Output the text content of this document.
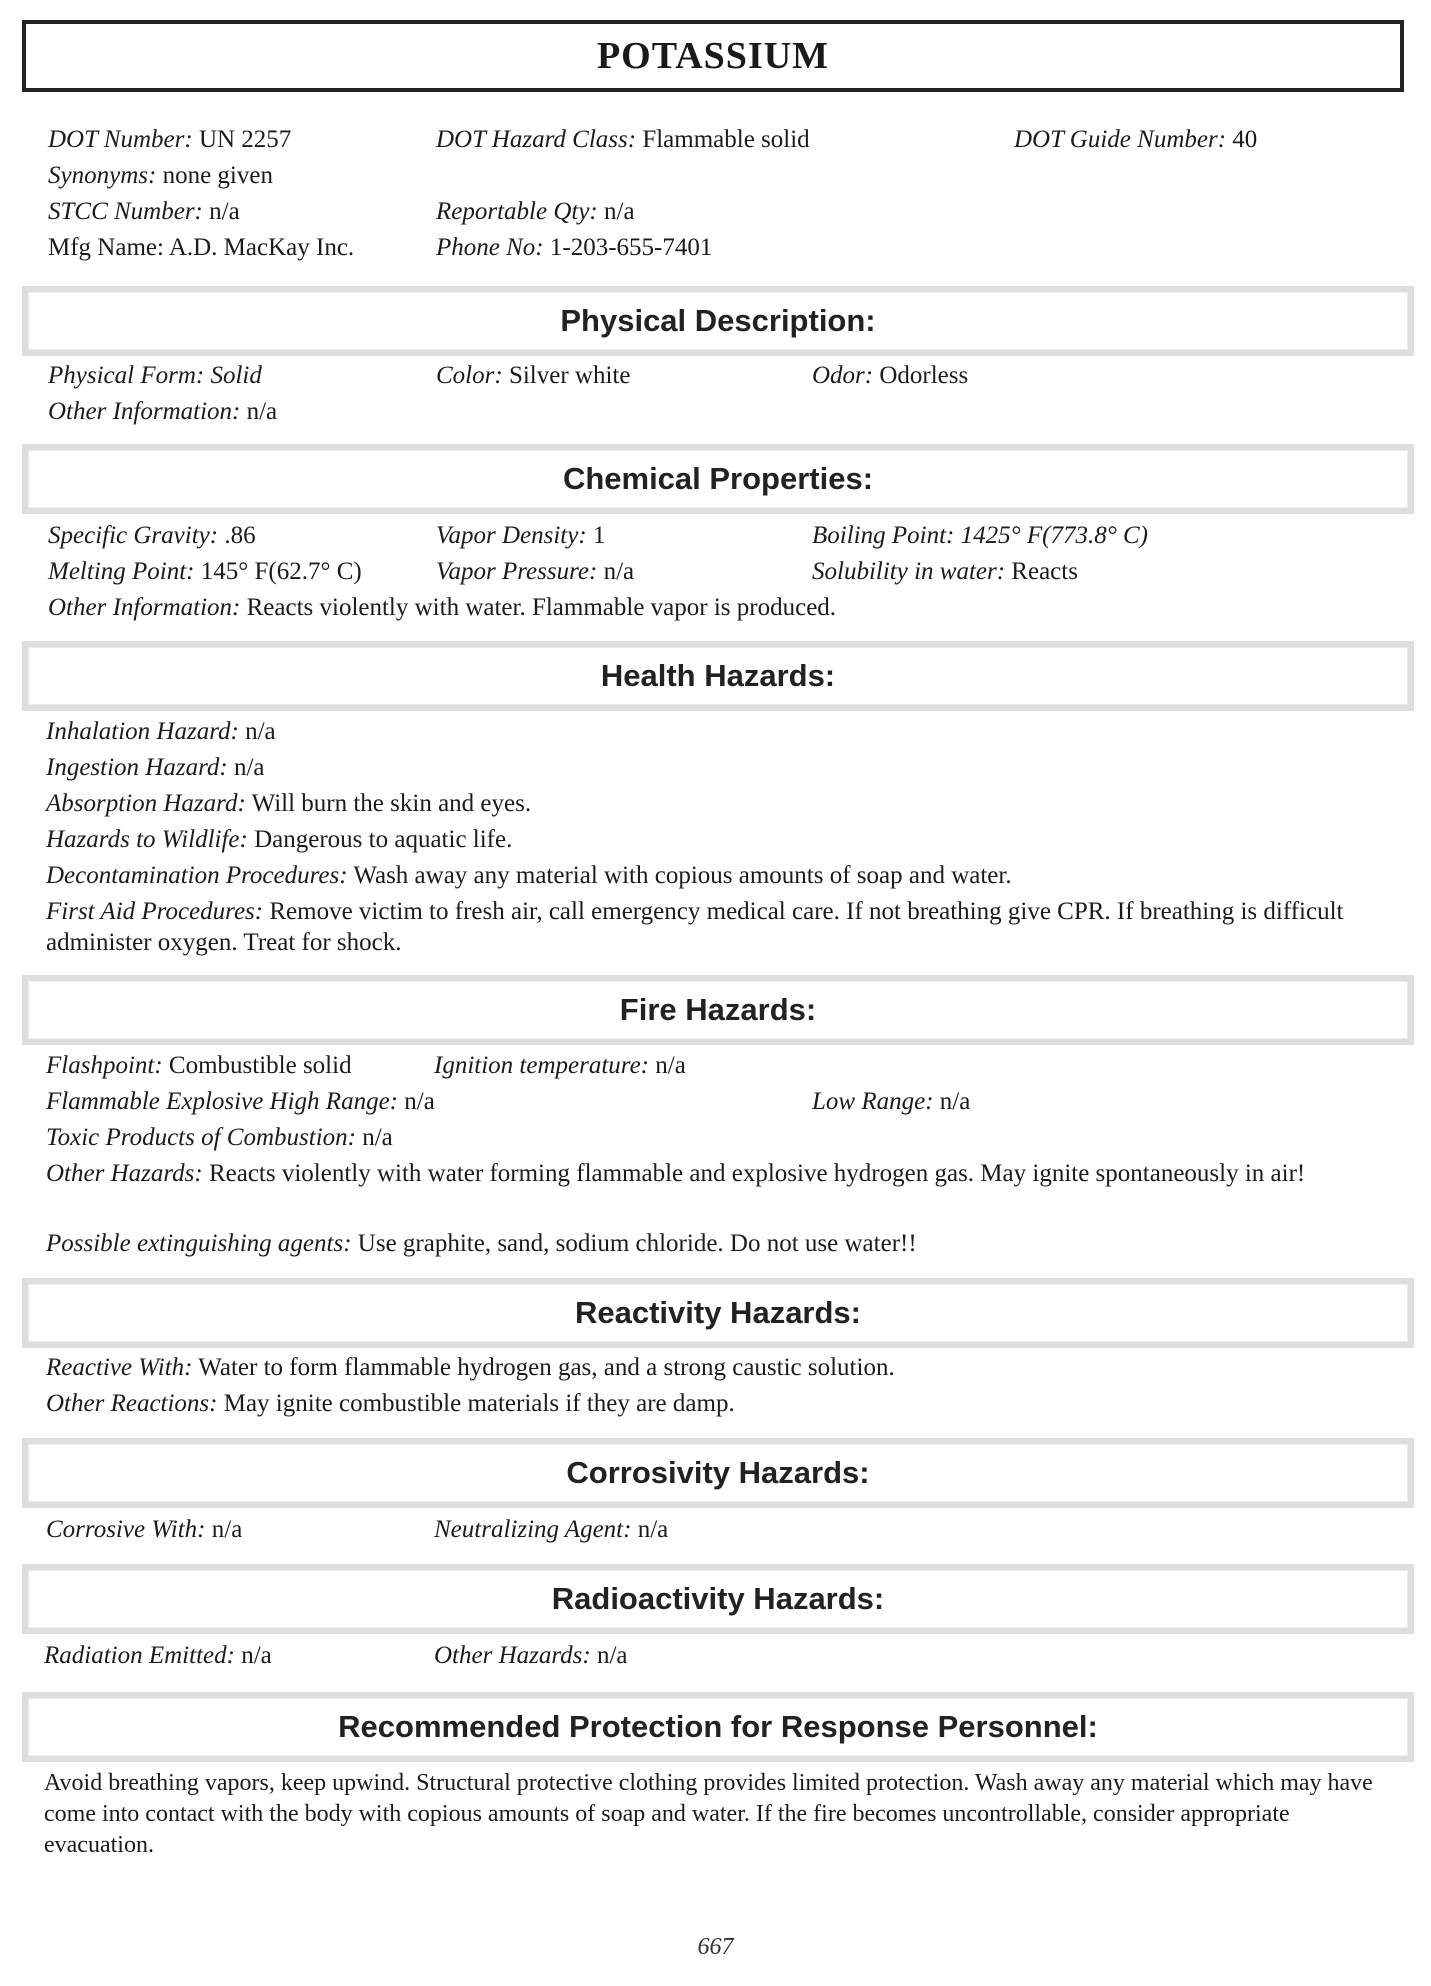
POTASSIUM
DOT Number: UN 2257	DOT Hazard Class: Flammable solid	DOT Guide Number: 40
Synonyms: none given
STCC Number: n/a	Reportable Qty: n/a
Mfg Name: A.D. MacKay Inc.	Phone No: 1-203-655-7401
Physical Description:
Physical Form: Solid	Color: Silver white	Odor: Odorless
Other Information: n/a
Chemical Properties:
Specific Gravity: .86	Vapor Density: 1	Boiling Point: 1425° F(773.8° C)
Melting Point: 145° F(62.7° C)	Vapor Pressure: n/a	Solubility in water: Reacts
Other Information: Reacts violently with water. Flammable vapor is produced.
Health Hazards:
Inhalation Hazard: n/a
Ingestion Hazard: n/a
Absorption Hazard: Will burn the skin and eyes.
Hazards to Wildlife: Dangerous to aquatic life.
Decontamination Procedures: Wash away any material with copious amounts of soap and water.
First Aid Procedures: Remove victim to fresh air, call emergency medical care. If not breathing give CPR. If breathing is difficult administer oxygen. Treat for shock.
Fire Hazards:
Flashpoint: Combustible solid	Ignition temperature: n/a
Flammable Explosive High Range: n/a	Low Range: n/a
Toxic Products of Combustion: n/a
Other Hazards: Reacts violently with water forming flammable and explosive hydrogen gas. May ignite spontaneously in air!
Possible extinguishing agents: Use graphite, sand, sodium chloride. Do not use water!!
Reactivity Hazards:
Reactive With: Water to form flammable hydrogen gas, and a strong caustic solution.
Other Reactions: May ignite combustible materials if they are damp.
Corrosivity Hazards:
Corrosive With: n/a	Neutralizing Agent: n/a
Radioactivity Hazards:
Radiation Emitted: n/a	Other Hazards: n/a
Recommended Protection for Response Personnel:
Avoid breathing vapors, keep upwind. Structural protective clothing provides limited protection. Wash away any material which may have come into contact with the body with copious amounts of soap and water. If the fire becomes uncontrollable, consider appropriate evacuation.
667
